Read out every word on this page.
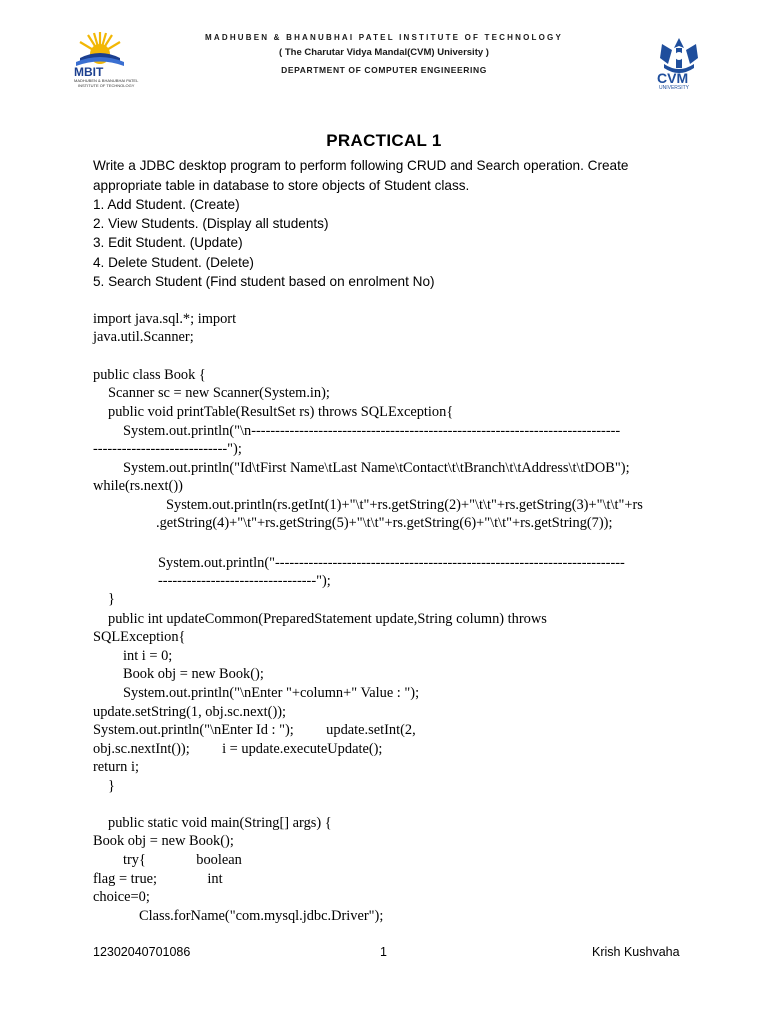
MBIT
MADHUBEN & BHANUBHAI PATEL
INSTITUTE OF TECHNOLOGY
MADHUBEN & BHANUBHAI PATEL INSTITUTE OF TECHNOLOGY
( The Charutar Vidya Mandal(CVM) University )
DEPARTMENT OF COMPUTER ENGINEERING	CVM
UNIVERSITY
PRACTICAL 1
Write a JDBC desktop program to perform following CRUD and Search operation. Create
appropriate table in database to store objects of Student class.
1. Add Student. (Create)
2. View Students. (Display all students)
3. Edit Student. (Update)
4. Delete Student. (Delete)
5. Search Student (Find student based on enrolment No)
import java.sql.*; import
java.util.Scanner;
public class Book {
Scanner sc = new Scanner(System.in);
public void printTable(ResultSet rs) throws SQLException{
System.out.println("\n-----------------------------------------------------------------------------
----------------------------");
System.out.println("Id\tFirst Name\tLast Name\tContact\t\tBranch\t\tAddress\t\tDOB");
while(rs.next())
System.out.println(rs.getInt(1)+"\t"+rs.getString(2)+"\t\t"+rs.getString(3)+"\t\t"+rs
.getString(4)+"\t"+rs.getString(5)+"\t\t"+rs.getString(6)+"\t\t"+rs.getString(7));
System.out.println("-------------------------------------------------------------------------
---------------------------------");
}
public int updateCommon(PreparedStatement update,String column) throws
SQLException{
int i = 0;
Book obj = new Book();
System.out.println("\nEnter "+column+" Value : ");
update.setString(1, obj.sc.next());
System.out.println("\nEnter Id : ");         update.setInt(2,
obj.sc.nextInt());         i = update.executeUpdate();
return i;
}
public static void main(String[] args) {
Book obj = new Book();
try{              boolean
flag = true;              int
choice=0;
Class.forName("com.mysql.jdbc.Driver");
12302040701086	1	Krish Kushvaha
